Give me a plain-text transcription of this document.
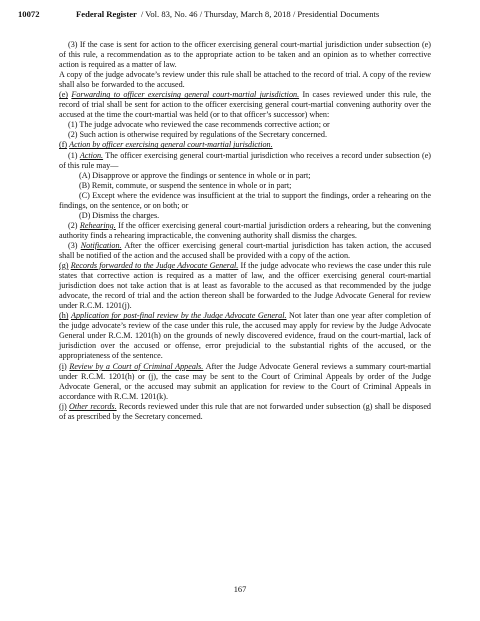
10072	Federal Register / Vol. 83, No. 46 / Thursday, March 8, 2018 / Presidential Documents

(3) If the case is sent for action to the officer exercising general court-martial jurisdiction under subsection (e) of this rule, a recommendation as to the appropriate action to be taken and an opinion as to whether corrective action is required as a matter of law.

A copy of the judge advocate’s review under this rule shall be attached to the record of trial. A copy of the review shall also be forwarded to the accused.

(e) Forwarding to officer exercising general court-martial jurisdiction. In cases reviewed under this rule, the record of trial shall be sent for action to the officer exercising general court-martial convening authority over the accused at the time the court-martial was held (or to that officer’s successor) when:

(1) The judge advocate who reviewed the case recommends corrective action; or

(2) Such action is otherwise required by regulations of the Secretary concerned.

(f) Action by officer exercising general court-martial jurisdiction.

(1) Action. The officer exercising general court-martial jurisdiction who receives a record under subsection (e) of this rule may—

(A) Disapprove or approve the findings or sentence in whole or in part;

(B) Remit, commute, or suspend the sentence in whole or in part;

(C) Except where the evidence was insufficient at the trial to support the findings, order a rehearing on the findings, on the sentence, or on both; or

(D) Dismiss the charges.

(2) Rehearing. If the officer exercising general court-martial jurisdiction orders a rehearing, but the convening authority finds a rehearing impracticable, the convening authority shall dismiss the charges.

(3) Notification. After the officer exercising general court-martial jurisdiction has taken action, the accused shall be notified of the action and the accused shall be provided with a copy of the action.

(g) Records forwarded to the Judge Advocate General. If the judge advocate who reviews the case under this rule states that corrective action is required as a matter of law, and the officer exercising general court-martial jurisdiction does not take action that is at least as favorable to the accused as that recommended by the judge advocate, the record of trial and the action thereon shall be forwarded to the Judge Advocate General for review under R.C.M. 1201(j).

(h) Application for post-final review by the Judge Advocate General. Not later than one year after completion of the judge advocate’s review of the case under this rule, the accused may apply for review by the Judge Advocate General under R.C.M. 1201(h) on the grounds of newly discovered evidence, fraud on the court-martial, lack of jurisdiction over the accused or offense, error prejudicial to the substantial rights of the accused, or the appropriateness of the sentence.

(i) Review by a Court of Criminal Appeals. After the Judge Advocate General reviews a summary court-martial under R.C.M. 1201(h) or (j), the case may be sent to the Court of Criminal Appeals by order of the Judge Advocate General, or the accused may submit an application for review to the Court of Criminal Appeals in accordance with R.C.M. 1201(k).

(j) Other records. Records reviewed under this rule that are not forwarded under subsection (g) shall be disposed of as prescribed by the Secretary concerned.

167
